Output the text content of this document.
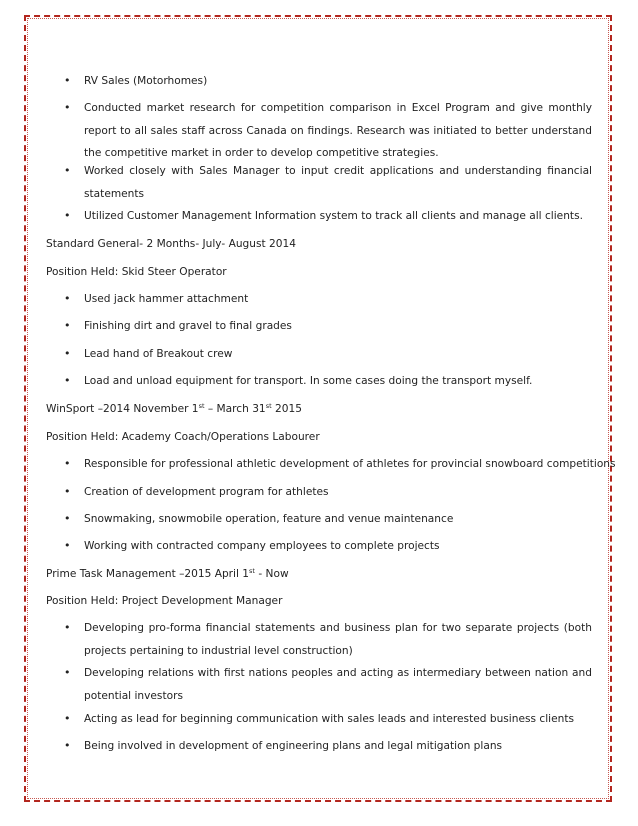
• RV Sales (Motorhomes)
• Conducted market research for competition comparison in Excel Program and give monthly report to all sales staff across Canada on findings. Research was initiated to better understand the competitive market in order to develop competitive strategies.
• Worked closely with Sales Manager to input credit applications and understanding financial statements
• Utilized Customer Management Information system to track all clients and manage all clients.
Standard General- 2 Months- July- August 2014
Position Held: Skid Steer Operator
• Used jack hammer attachment
• Finishing dirt and gravel to final grades
• Lead hand of Breakout crew
• Load and unload equipment for transport. In some cases doing the transport myself.
WinSport –2014 November 1st – March 31st 2015
Position Held: Academy Coach/Operations Labourer
• Responsible for professional athletic development of athletes for provincial snowboard competitions
• Creation of development program for athletes
• Snowmaking, snowmobile operation, feature and venue maintenance
• Working with contracted company employees to complete projects
Prime Task Management –2015 April 1st - Now
Position Held: Project Development Manager
• Developing pro-forma financial statements and business plan for two separate projects (both projects pertaining to industrial level construction)
• Developing relations with first nations peoples and acting as intermediary between nation and potential investors
• Acting as lead for beginning communication with sales leads and interested business clients
• Being involved in development of engineering plans and legal mitigation plans
